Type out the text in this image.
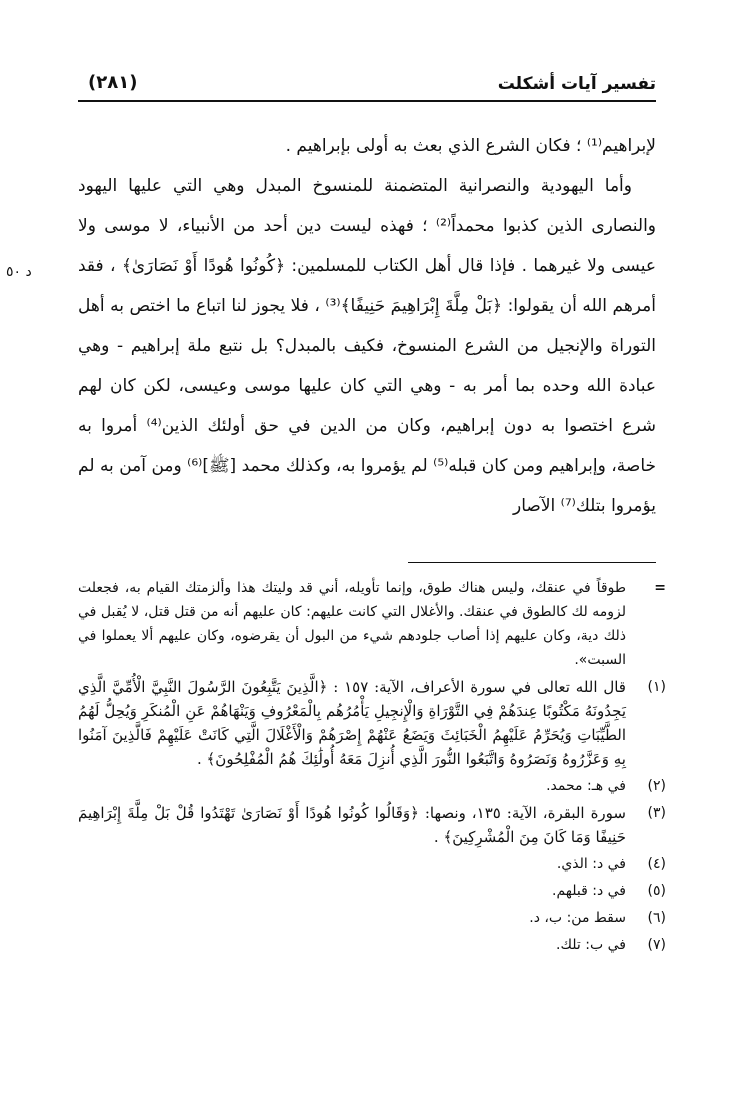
تفسير آيات أشكلت
(٢٨١)
د ٥٠

لإبراهيم⁽¹⁾ ؛ فكان الشرع الذي بعث به أولى بإبراهيم .

وأما اليهودية والنصرانية المتضمنة للمنسوخ المبدل وهي التي عليها اليهود والنصارى الذين كذبوا محمداً⁽²⁾ ؛ فهذه ليست دين أحد من الأنبياء، لا موسى ولا عيسى ولا غيرهما . فإذا قال أهل الكتاب للمسلمين: ﴿كُونُوا هُودًا أَوْ نَصَارَىٰ﴾ ، فقد أمرهم الله أن يقولوا: ﴿بَلْ مِلَّةَ إِبْرَاهِيمَ حَنِيفًا﴾⁽³⁾ ، فلا يجوز لنا اتباع ما اختص به أهل التوراة والإنجيل من الشرع المنسوخ، فكيف بالمبدل؟ بل نتبع ملة إبراهيم - وهي عبادة الله وحده بما أمر به - وهي التي كان عليها موسى وعيسى، لكن كان لهم شرع اختصوا به دون إبراهيم، وكان من الدين في حق أولئك الذين⁽⁴⁾ أمروا به خاصة، وإبراهيم ومن كان قبله⁽⁵⁾ لم يؤمروا به، وكذلك محمد [ﷺ]⁽⁶⁾ ومن آمن به لم يؤمروا بتلك⁽⁷⁾ الآصار

=
طوقاً في عنقك، وليس هناك طوق، وإنما تأويله، أني قد وليتك هذا وألزمتك القيام به، فجعلت لزومه لك كالطوق في عنقك. والأغلال التي كانت عليهم: كان عليهم أنه من قتل قتل، لا يُقبل في ذلك دية، وكان عليهم إذا أصاب جلودهم شيء من البول أن يقرضوه، وكان عليهم ألا يعملوا في السبت».
(١)
قال الله تعالى في سورة الأعراف، الآية: ١٥٧ : ﴿الَّذِينَ يَتَّبِعُونَ الرَّسُولَ النَّبِيَّ الْأُمِّيَّ الَّذِي يَجِدُونَهُ مَكْتُوبًا عِندَهُمْ فِي التَّوْرَاةِ وَالْإِنجِيلِ يَأْمُرُهُم بِالْمَعْرُوفِ وَيَنْهَاهُمْ عَنِ الْمُنكَرِ وَيُحِلُّ لَهُمُ الطَّيِّبَاتِ وَيُحَرِّمُ عَلَيْهِمُ الْخَبَائِثَ وَيَضَعُ عَنْهُمْ إِصْرَهُمْ وَالْأَغْلَالَ الَّتِي كَانَتْ عَلَيْهِمْ فَالَّذِينَ آمَنُوا بِهِ وَعَزَّرُوهُ وَنَصَرُوهُ وَاتَّبَعُوا النُّورَ الَّذِي أُنزِلَ مَعَهُ أُولَٰئِكَ هُمُ الْمُفْلِحُونَ﴾ .
(٢)
في هـ: محمد.
(٣)
سورة البقرة، الآية: ١٣٥، ونصها: ﴿وَقَالُوا كُونُوا هُودًا أَوْ نَصَارَىٰ تَهْتَدُوا قُلْ بَلْ مِلَّةَ إِبْرَاهِيمَ حَنِيفًا وَمَا كَانَ مِنَ الْمُشْرِكِينَ﴾ .
(٤)
في د: الذي.
(٥)
في د: قبلهم.
(٦)
سقط من: ب، د.
(٧)
في ب: تلك.
